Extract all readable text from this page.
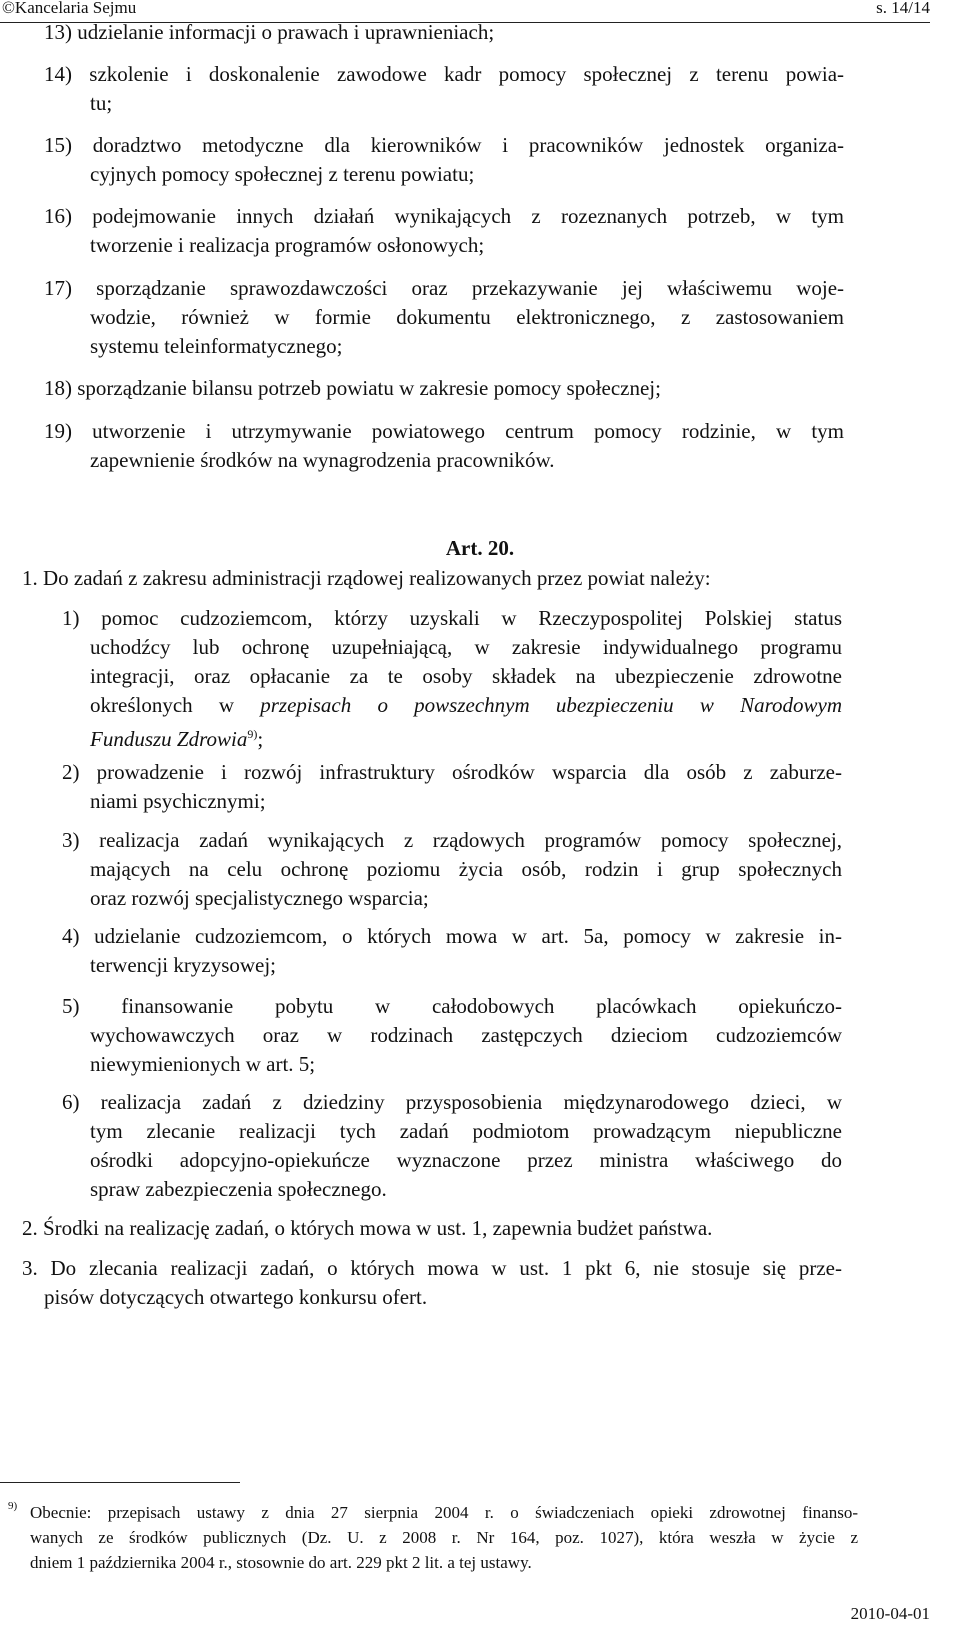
©Kancelaria Sejmu	s. 14/14
13) udzielanie informacji o prawach i uprawnieniach;
14) szkolenie i doskonalenie zawodowe kadr pomocy społecznej z terenu powia-
tu;
15) doradztwo metodyczne dla kierowników i pracowników jednostek organiza-
cyjnych pomocy społecznej z terenu powiatu;
16) podejmowanie innych działań wynikających z rozeznanych potrzeb, w tym
tworzenie i realizacja programów osłonowych;
17) sporządzanie sprawozdawczości oraz przekazywanie jej właściwemu woje-
wodzie, również w formie dokumentu elektronicznego, z zastosowaniem
systemu teleinformatycznego;
18) sporządzanie bilansu potrzeb powiatu w zakresie pomocy społecznej;
19) utworzenie i utrzymywanie powiatowego centrum pomocy rodzinie, w tym
zapewnienie środków na wynagrodzenia pracowników.
Art. 20.
1. Do zadań z zakresu administracji rządowej realizowanych przez powiat należy:
1) pomoc cudzoziemcom, którzy uzyskali w Rzeczypospolitej Polskiej status
uchodźcy lub ochronę uzupełniającą, w zakresie indywidualnego programu
integracji, oraz opłacanie za te osoby składek na ubezpieczenie zdrowotne
określonych w przepisach o powszechnym ubezpieczeniu w Narodowym
Funduszu Zdrowia$^{9)}$;
2) prowadzenie i rozwój infrastruktury ośrodków wsparcia dla osób z zaburze-
niami psychicznymi;
3) realizacja zadań wynikających z rządowych programów pomocy społecznej,
mających na celu ochronę poziomu życia osób, rodzin i grup społecznych
oraz rozwój specjalistycznego wsparcia;
4) udzielanie cudzoziemcom, o których mowa w art. 5a, pomocy w zakresie in-
terwencji kryzysowej;
5) finansowanie pobytu w całodobowych placówkach opiekuńczo-
wychowawczych oraz w rodzinach zastępczych dzieciom cudzoziemców
niewymienionych w art. 5;
6) realizacja zadań z dziedziny przysposobienia międzynarodowego dzieci, w
tym zlecanie realizacji tych zadań podmiotom prowadzącym niepubliczne
ośrodki adopcyjno-opiekuńcze wyznaczone przez ministra właściwego do
spraw zabezpieczenia społecznego.
2. Środki na realizację zadań, o których mowa w ust. 1, zapewnia budżet państwa.
3. Do zlecania realizacji zadań, o których mowa w ust. 1 pkt 6, nie stosuje się prze-
pisów dotyczących otwartego konkursu ofert.
9) Obecnie: przepisach ustawy z dnia 27 sierpnia 2004 r. o świadczeniach opieki zdrowotnej finanso-
wanych ze środków publicznych (Dz. U. z 2008 r. Nr 164, poz. 1027), która weszła w życie z
dniem 1 października 2004 r., stosownie do art. 229 pkt 2 lit. a tej ustawy.
2010-04-01
